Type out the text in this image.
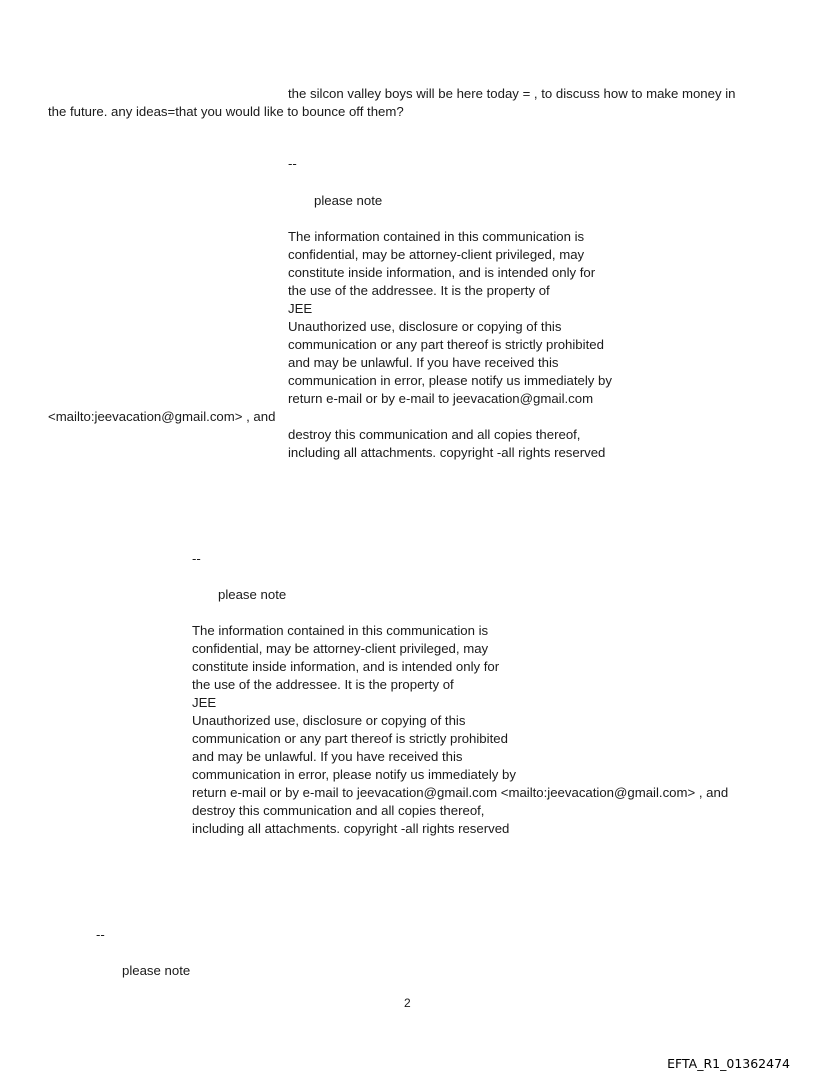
the silcon valley boys will be here today = , to discuss how to make money in
the future. any ideas=that you would like to bounce off them?
--
please note
The information contained in this communication is
confidential, may be attorney-client privileged, may
constitute inside information, and is intended only for
the use of the addressee. It is the property of
JEE
Unauthorized use, disclosure or copying of this
communication or any part thereof is strictly prohibited
and may be unlawful. If you have received this
communication in error, please notify us immediately by
return e-mail or by e-mail to jeevacation@gmail.com
<mailto:jeevacation@gmail.com> , and
destroy this communication and all copies thereof,
including all attachments. copyright -all rights reserved
--
please note
The information contained in this communication is
confidential, may be attorney-client privileged, may
constitute inside information, and is intended only for
the use of the addressee. It is the property of
JEE
Unauthorized use, disclosure or copying of this
communication or any part thereof is strictly prohibited
and may be unlawful. If you have received this
communication in error, please notify us immediately by
return e-mail or by e-mail to jeevacation@gmail.com <mailto:jeevacation@gmail.com> , and
destroy this communication and all copies thereof,
including all attachments. copyright -all rights reserved
--
please note
2
EFTA_R1_01362474
